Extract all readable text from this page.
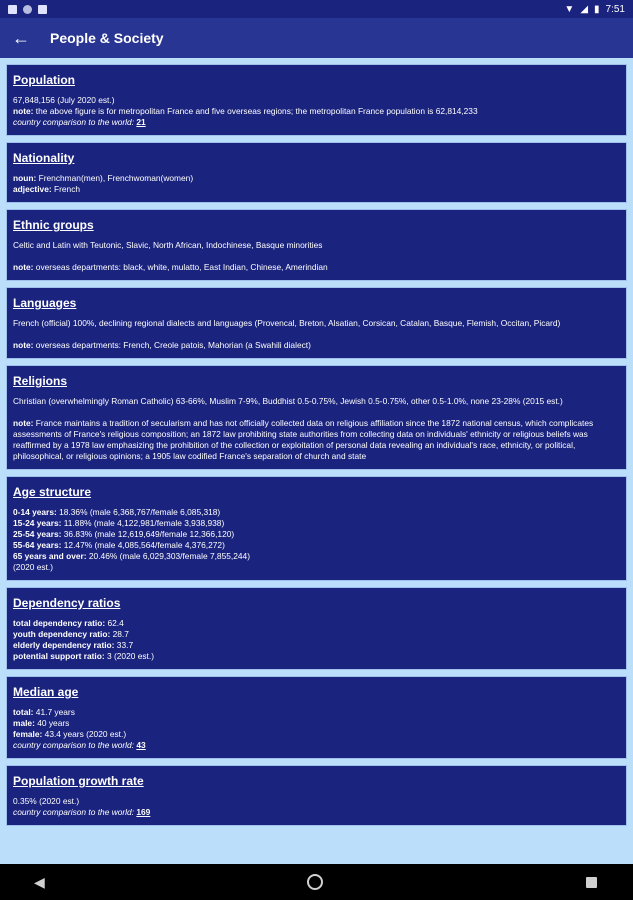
▼ ◢ ▮ 7:51
←	People & Society
Population
67,848,156 (July 2020 est.)
note: the above figure is for metropolitan France and five overseas regions; the metropolitan France population is 62,814,233
country comparison to the world: 21
Nationality
noun: Frenchman(men), Frenchwoman(women)
adjective: French
Ethnic groups
Celtic and Latin with Teutonic, Slavic, North African, Indochinese, Basque minorities
note: overseas departments: black, white, mulatto, East Indian, Chinese, Amerindian
Languages
French (official) 100%, declining regional dialects and languages (Provencal, Breton, Alsatian, Corsican, Catalan, Basque, Flemish, Occitan, Picard)
note: overseas departments: French, Creole patois, Mahorian (a Swahili dialect)
Religions
Christian (overwhelmingly Roman Catholic) 63-66%, Muslim 7-9%, Buddhist 0.5-0.75%, Jewish 0.5-0.75%, other 0.5-1.0%, none 23-28% (2015 est.)
note: France maintains a tradition of secularism and has not officially collected data on religious affiliation since the 1872 national census, which complicates assessments of France's religious composition; an 1872 law prohibiting state authorities from collecting data on individuals' ethnicity or religious beliefs was reaffirmed by a 1978 law emphasizing the prohibition of the collection or exploitation of personal data revealing an individual's race, ethnicity, or political, philosophical, or religious opinions; a 1905 law codified France's separation of church and state
Age structure
0-14 years: 18.36% (male 6,368,767/female 6,085,318)
15-24 years: 11.88% (male 4,122,981/female 3,938,938)
25-54 years: 36.83% (male 12,619,649/female 12,366,120)
55-64 years: 12.47% (male 4,085,564/female 4,376,272)
65 years and over: 20.46% (male 6,029,303/female 7,855,244)
(2020 est.)
Dependency ratios
total dependency ratio: 62.4
youth dependency ratio: 28.7
elderly dependency ratio: 33.7
potential support ratio: 3 (2020 est.)
Median age
total: 41.7 years
male: 40 years
female: 43.4 years (2020 est.)
country comparison to the world: 43
Population growth rate
0.35% (2020 est.)
country comparison to the world: 169
◀
